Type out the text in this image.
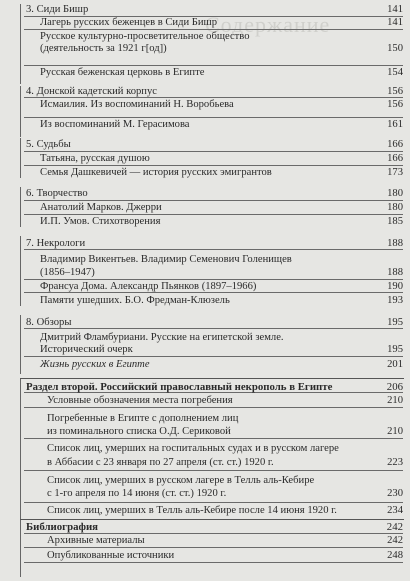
Содержание
3. Сиди Бишр	141
Лагерь русских беженцев в Сиди Бишр	141
Русское культурно-просветительное общество
(деятельность за 1921 г[од])	150
Русская беженская церковь в Египте	154
4. Донской кадетский корпус	156
Исмаилия. Из воспоминаний Н. Воробьева	156
Из воспоминаний М. Герасимова	161
5. Судьбы	166
Татьяна, русская душою	166
Семья Дашкевичей — история русских эмигрантов	173
6. Творчество	180
Анатолий Марков. Джерри	180
И.П. Умов. Стихотворения	185
7. Некрологи	188
Владимир Викентьев. Владимир Семенович Голенищев
(1856–1947)	188
Франсуа Дома. Александр Пьянков (1897–1966)	190
Памяти ушедших. Б.О. Фредман-Клюзель	193
8. Обзоры	195
Дмитрий Фламбуриани. Русские на египетской земле.
Исторический очерк	195
Жизнь русских в Египте	201
Раздел второй. Российский православный некрополь в Египте	206
Условные обозначения места погребения	210
Погребенные в Египте с дополнением лиц
из поминального списка О.Д. Сериковой	210
Список лиц, умерших на госпитальных судах и в русском лагере
в Аббасии с 23 января по 27 апреля (ст. ст.) 1920 г.	223
Список лиц, умерших в русском лагере в Телль аль-Кебире
с 1-го апреля по 14 июня (ст. ст.) 1920 г.	230
Список лиц, умерших в Телль аль-Кебире после 14 июня 1920 г.	234
Библиография	242
Архивные материалы	242
Опубликованные источники	248
